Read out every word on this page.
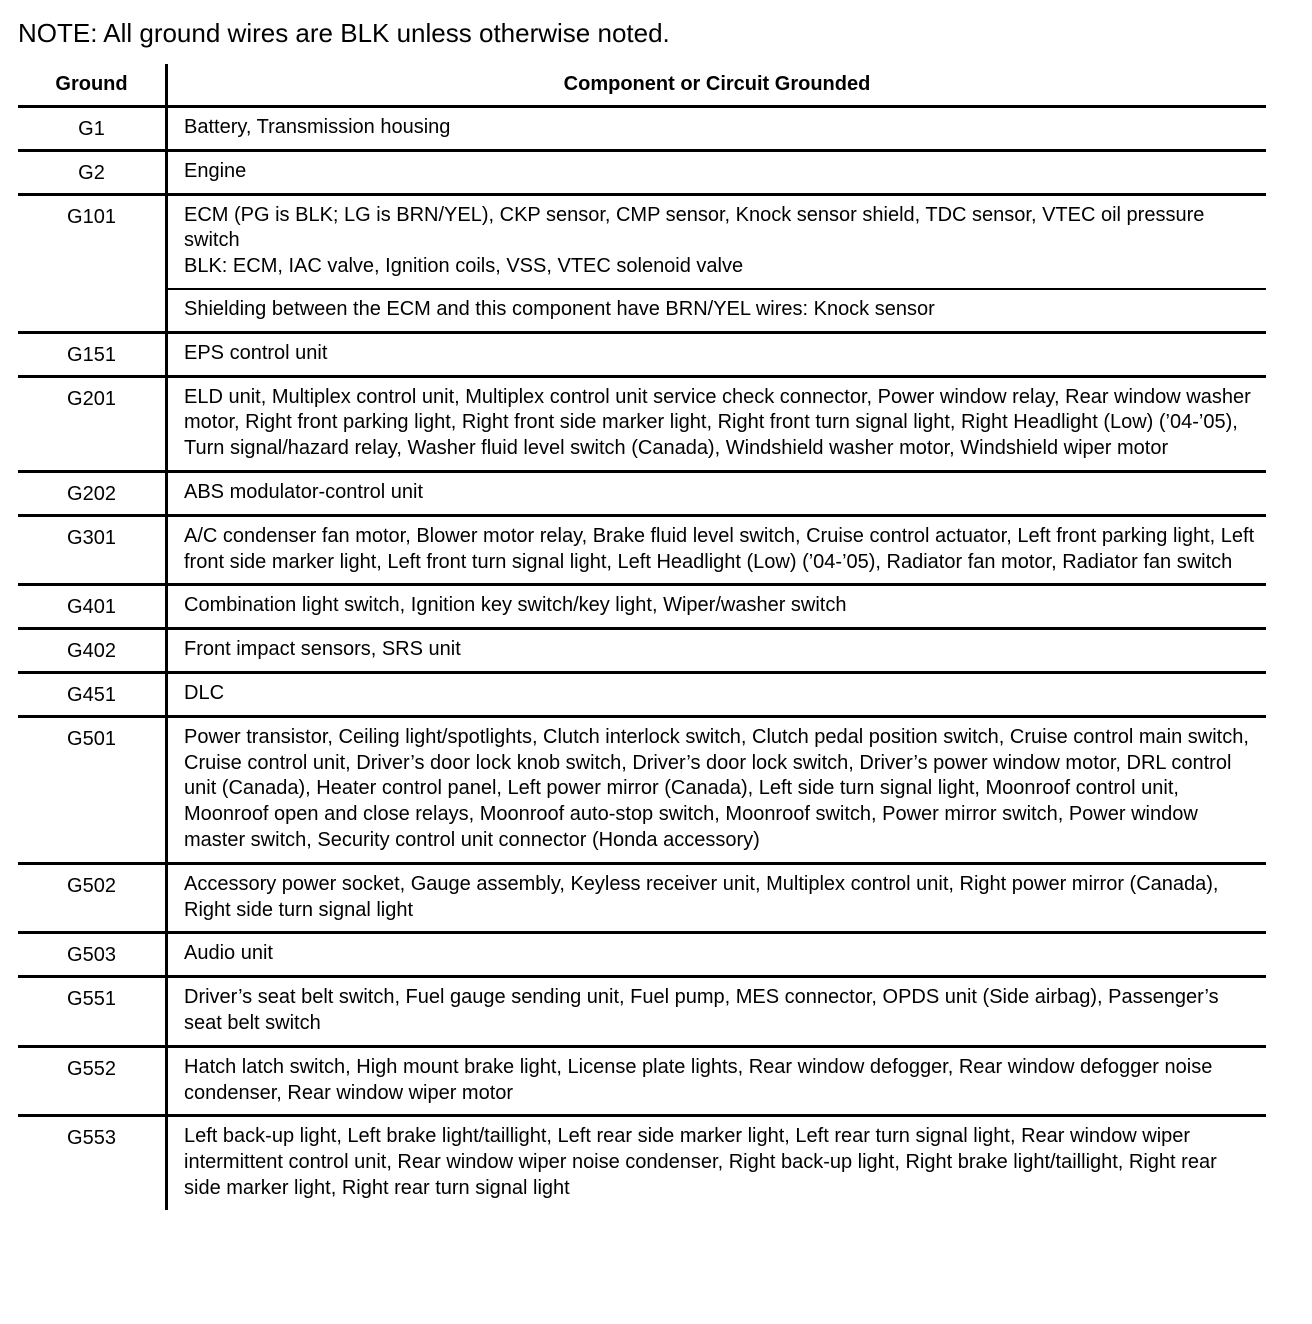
NOTE: All ground wires are BLK unless otherwise noted.
Ground	Component or Circuit Grounded
G1	Battery, Transmission housing
G2	Engine
G101	ECM (PG is BLK; LG is BRN/YEL), CKP sensor, CMP sensor, Knock sensor shield, TDC sensor, VTEC oil pressure switch
BLK: ECM, IAC valve, Ignition coils, VSS, VTEC solenoid valve
Shielding between the ECM and this component have BRN/YEL wires: Knock sensor
G151	EPS control unit
G201	ELD unit, Multiplex control unit, Multiplex control unit service check connector, Power window relay, Rear window washer motor, Right front parking light, Right front side marker light, Right front turn signal light, Right Headlight (Low) (’04-’05), Turn signal/hazard relay, Washer fluid level switch (Canada), Windshield washer motor, Windshield wiper motor
G202	ABS modulator-control unit
G301	A/C condenser fan motor, Blower motor relay, Brake fluid level switch, Cruise control actuator, Left front parking light, Left front side marker light, Left front turn signal light, Left Headlight (Low) (’04-’05), Radiator fan motor, Radiator fan switch
G401	Combination light switch, Ignition key switch/key light, Wiper/washer switch
G402	Front impact sensors, SRS unit
G451	DLC
G501	Power transistor, Ceiling light/spotlights, Clutch interlock switch, Clutch pedal position switch, Cruise control main switch, Cruise control unit, Driver’s door lock knob switch, Driver’s door lock switch, Driver’s power window motor, DRL control unit (Canada), Heater control panel, Left power mirror (Canada), Left side turn signal light, Moonroof control unit, Moonroof open and close relays, Moonroof auto-stop switch, Moonroof switch, Power mirror switch, Power window master switch, Security control unit connector (Honda accessory)
G502	Accessory power socket, Gauge assembly, Keyless receiver unit, Multiplex control unit, Right power mirror (Canada), Right side turn signal light
G503	Audio unit
G551	Driver’s seat belt switch, Fuel gauge sending unit, Fuel pump, MES connector, OPDS unit (Side airbag), Passenger’s seat belt switch
G552	Hatch latch switch, High mount brake light, License plate lights, Rear window defogger, Rear window defogger noise condenser, Rear window wiper motor
G553	Left back-up light, Left brake light/taillight, Left rear side marker light, Left rear turn signal light, Rear window wiper intermittent control unit, Rear window wiper noise condenser, Right back-up light, Right brake light/taillight, Right rear side marker light, Right rear turn signal light
